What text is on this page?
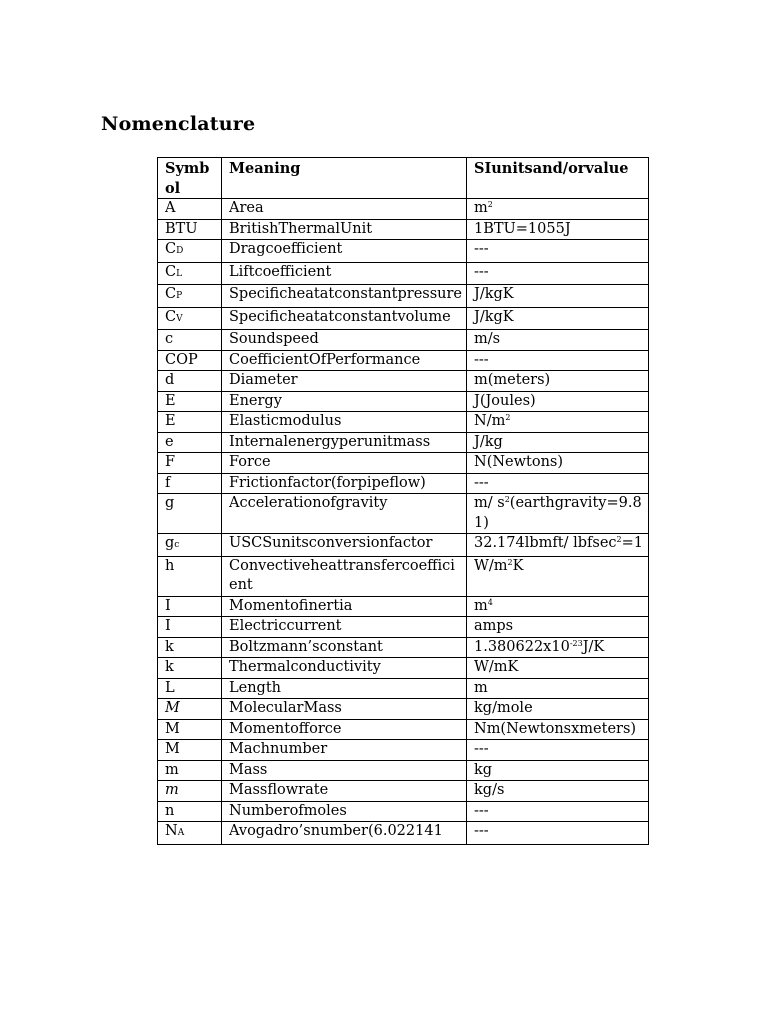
Nomenclature
Symbol	Meaning	SIunitsand/orvalue
A	Area	$m^2$
BTU	BritishThermalUnit	1BTU=1055J
CD	Dragcoefficient	---
CL	Liftcoefficient	---
CP	Specificheatatconstantpressure	J/kgK
CV	Specificheatatconstantvolume	J/kgK
c	Soundspeed	m/s
COP	CoefficientOfPerformance	---
d	Diameter	m(meters)
E	Energy	J(Joules)
E	Elasticmodulus	$N/m^2$
e	Internalenergyperunitmass	J/kg
F	Force	N(Newtons)
f	Frictionfactor(forpipeflow)	---
g	Accelerationofgravity	m/ $s^2(earthgravity=9.81)$
gc	USCSunitsconversionfactor	32.174lbmft/ lbfsec$^2$=1
h	Convectiveheattransfercoefficient	$W/m^2K$
I	Momentofinertia	$m^4$
I	Electriccurrent	amps
k	Boltzmann’sconstant	$1.380622x10^{-23}J/K$
k	Thermalconductivity	W/mK
L	Length	m
M	MolecularMass	kg/mole
M	Momentofforce	Nm(Newtonsxmeters)
M	Machnumber	---
m	Mass	kg
m	Massflowrate	kg/s
n	Numberofmoles	---
NA	Avogadro’snumber(6.022141	---
